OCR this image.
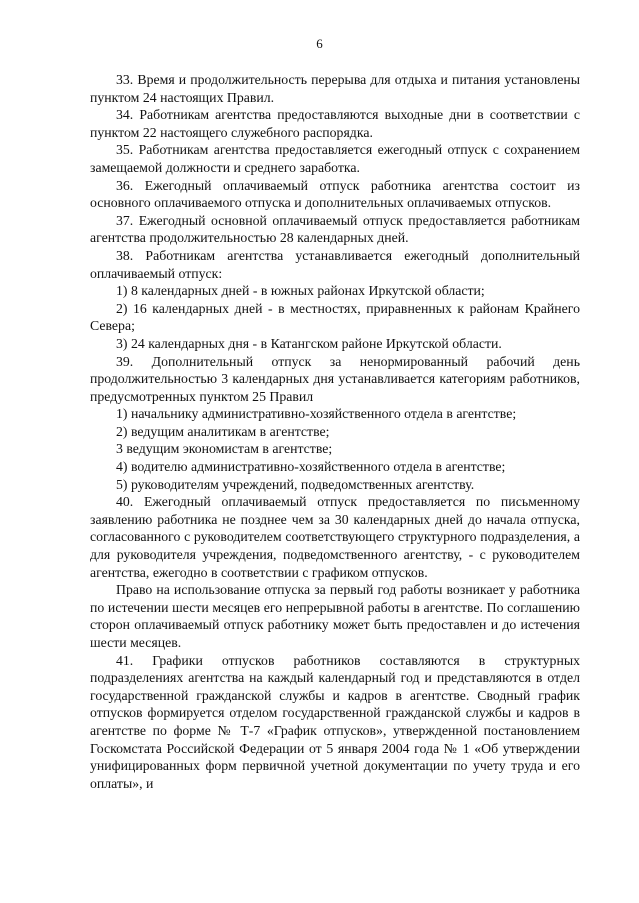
6

33. Время и продолжительность перерыва для отдыха и питания установлены пунктом 24 настоящих Правил.

34. Работникам агентства предоставляются выходные дни в соответствии с пунктом 22 настоящего служебного распорядка.

35. Работникам агентства предоставляется ежегодный отпуск с сохранением замещаемой должности и среднего заработка.

36. Ежегодный оплачиваемый отпуск работника агентства состоит из основного оплачиваемого отпуска и дополнительных оплачиваемых отпусков.

37. Ежегодный основной оплачиваемый отпуск предоставляется работникам агентства продолжительностью 28 календарных дней.

38. Работникам агентства устанавливается ежегодный дополнительный оплачиваемый отпуск:

1) 8 календарных дней - в южных районах Иркутской области;

2) 16 календарных дней - в местностях, приравненных к районам Крайнего Севера;

3) 24 календарных дня - в Катангском районе Иркутской области.

39. Дополнительный отпуск за ненормированный рабочий день продолжительностью 3 календарных дня устанавливается категориям работников, предусмотренных пунктом 25 Правил

1) начальнику административно-хозяйственного отдела в агентстве;

2) ведущим аналитикам в агентстве;

3 ведущим экономистам в агентстве;

4) водителю административно-хозяйственного отдела в агентстве;

5) руководителям учреждений, подведомственных агентству.

40. Ежегодный оплачиваемый отпуск предоставляется по письменному заявлению работника не позднее чем за 30 календарных дней до начала отпуска, согласованного с руководителем соответствующего структурного подразделения, а для руководителя учреждения, подведомственного агентству, - с руководителем агентства, ежегодно в соответствии с графиком отпусков.

Право на использование отпуска за первый год работы возникает у работника по истечении шести месяцев его непрерывной работы в агентстве. По соглашению сторон оплачиваемый отпуск работнику может быть предоставлен и до истечения шести месяцев.

41. Графики отпусков работников составляются в структурных подразделениях агентства на каждый календарный год и представляются в отдел государственной гражданской службы и кадров в агентстве. Сводный график отпусков формируется отделом государственной гражданской службы и кадров в агентстве по форме № Т-7 «График отпусков», утвержденной постановлением Госкомстата Российской Федерации от 5 января 2004 года № 1 «Об утверждении унифицированных форм первичной учетной документации по учету труда и его оплаты», и
